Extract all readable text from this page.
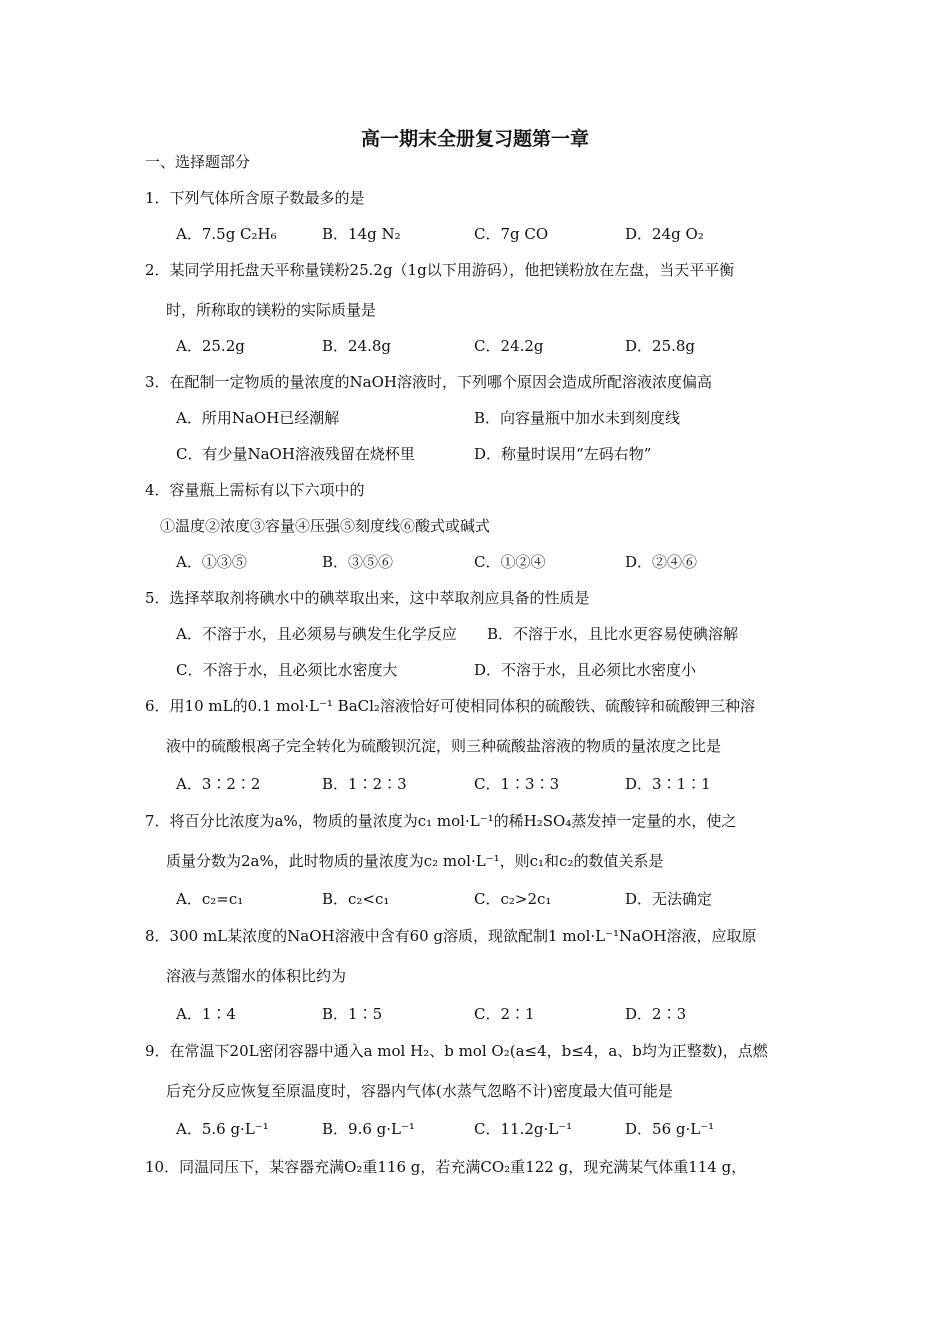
高一期末全册复习题第一章
一、选择题部分
1．下列气体所含原子数最多的是
A．7.5g C₂H₆	B．14g N₂	C．7g CO	D．24g O₂
2．某同学用托盘天平称量镁粉25.2g（1g以下用游码），他把镁粉放在左盘，当天平平衡
时，所称取的镁粉的实际质量是
A．25.2g	B．24.8g	C．24.2g	D．25.8g
3．在配制一定物质的量浓度的NaOH溶液时，下列哪个原因会造成所配溶液浓度偏高
A．所用NaOH已经潮解	B．向容量瓶中加水未到刻度线
C．有少量NaOH溶液残留在烧杯里	D．称量时误用“左码右物”
4．容量瓶上需标有以下六项中的
①温度②浓度③容量④压强⑤刻度线⑥酸式或碱式
A．①③⑤	B．③⑤⑥	C．①②④	D．②④⑥
5．选择萃取剂将碘水中的碘萃取出来，这中萃取剂应具备的性质是
A．不溶于水，且必须易与碘发生化学反应 B．不溶于水，且比水更容易使碘溶解
C．不溶于水，且必须比水密度大	D．不溶于水，且必须比水密度小
6．用10 mL的0.1 mol·L⁻¹ BaCl₂溶液恰好可使相同体积的硫酸铁、硫酸锌和硫酸钾三种溶
液中的硫酸根离子完全转化为硫酸钡沉淀，则三种硫酸盐溶液的物质的量浓度之比是
A．3∶2∶2	B．1∶2∶3	C．1∶3∶3	D．3∶1∶1
7．将百分比浓度为a%，物质的量浓度为c₁ mol·L⁻¹的稀H₂SO₄蒸发掉一定量的水，使之
质量分数为2a%，此时物质的量浓度为c₂ mol·L⁻¹，则c₁和c₂的数值关系是
A．c₂=c₁	B．c₂<c₁	C．c₂>2c₁	D．无法确定
8．300 mL某浓度的NaOH溶液中含有60 g溶质，现欲配制1 mol·L⁻¹NaOH溶液，应取原
溶液与蒸馏水的体积比约为
A．1∶4	B．1∶5	C．2∶1	D．2∶3
9．在常温下20L密闭容器中通入a mol H₂、b mol O₂(a≤4，b≤4，a、b均为正整数)，点燃
后充分反应恢复至原温度时，容器内气体(水蒸气忽略不计)密度最大值可能是
A．5.6 g·L⁻¹	B．9.6 g·L⁻¹	C．11.2g·L⁻¹	D．56 g·L⁻¹
10．同温同压下，某容器充满O₂重116 g，若充满CO₂重122 g，现充满某气体重114 g，
